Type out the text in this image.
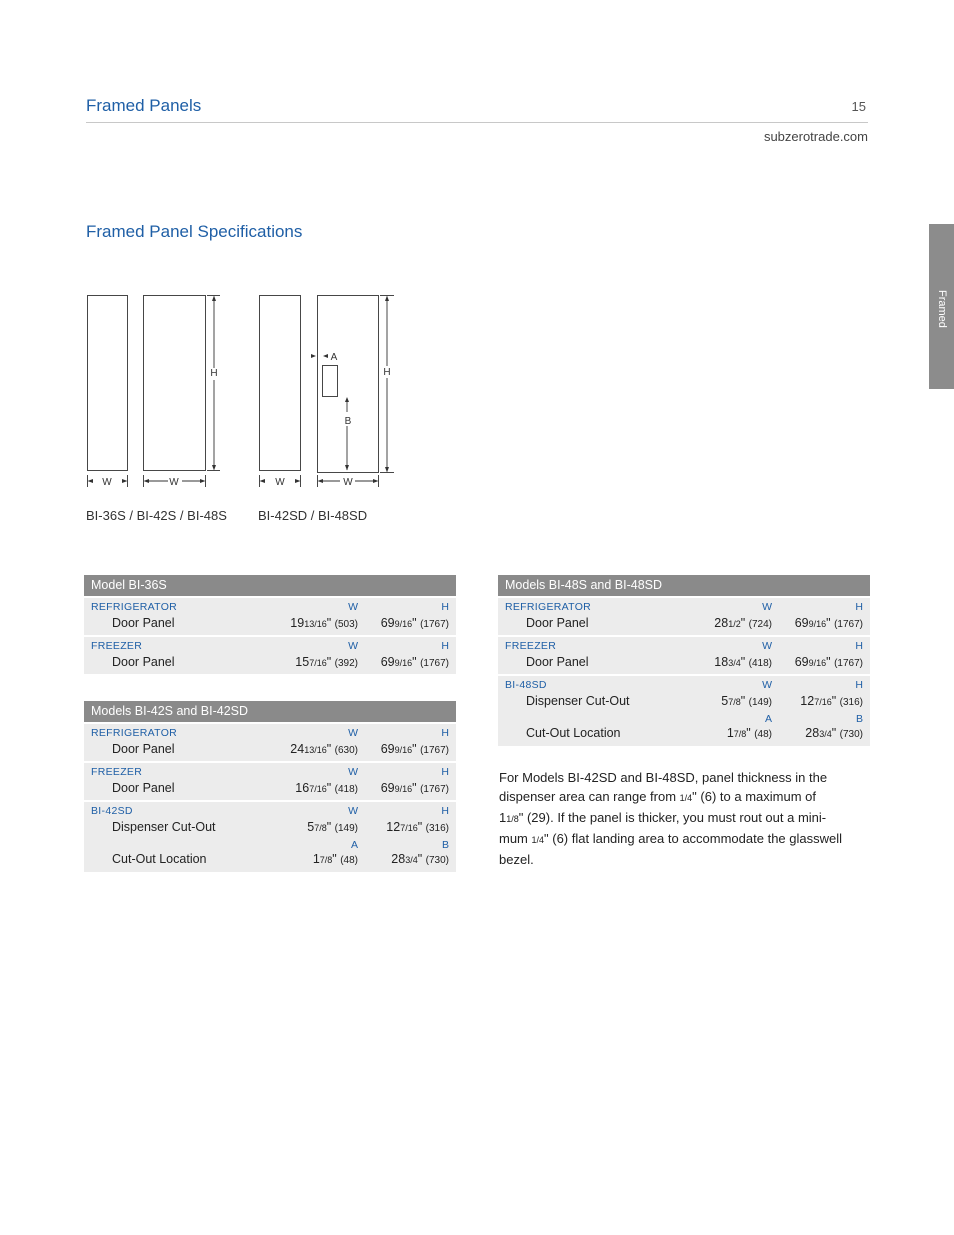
Framed Panels	15
subzerotrade.com
Framed Panel Specifications
Framed
H	H
W	W	W	W
A
B
BI-36S / BI-42S / BI-48S BI-42SD / BI-48SD
Model BI-36S
REFRIGERATOR	W	H
Door Panel	1913/16" (503) 699/16" (1767)
FREEZER	W	H
Door Panel	157/16" (392) 699/16" (1767)
Models BI-42S and BI-42SD
REFRIGERATOR	W	H
Door Panel	2413/16" (630) 699/16" (1767)
FREEZER	W	H
Door Panel	167/16" (418) 699/16" (1767)
BI-42SD	W	H
Dispenser Cut-Out	57/8" (149) 127/16" (316)
A	B
Cut-Out Location	17/8" (48)	283/4" (730)
Models BI-48S and BI-48SD
REFRIGERATOR	W	H
Door Panel	281/2" (724) 699/16" (1767)
FREEZER	W	H
Door Panel	183/4" (418) 699/16" (1767)
BI-48SD	W	H
Dispenser Cut-Out	57/8" (149) 127/16" (316)
A	B
Cut-Out Location	17/8" (48)	283/4" (730)
For Models BI-42SD and BI-48SD, panel thickness in the
dispenser area can range from 1/4" (6) to a maximum of
11/8" (29). If the panel is thicker, you must rout out a mini-
mum 1/4" (6) flat landing area to accommodate the glasswell
bezel.
